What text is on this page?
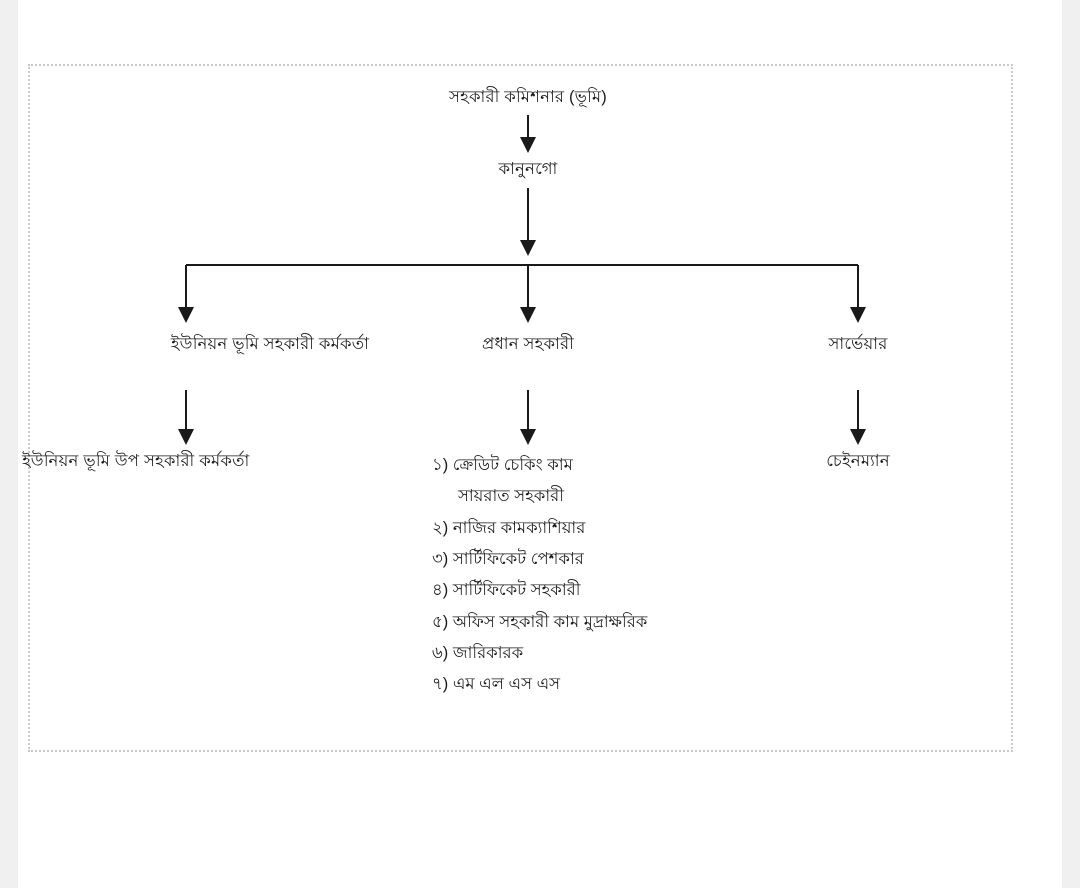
সহকারী কমিশনার (ভূমি)
কানুনগো
ইউনিয়ন ভূমি সহকারী কর্মকর্তা	প্রধান সহকারী	সার্ভেয়ার
ইউনিয়ন ভূমি উপ সহকারী কর্মকর্তা	চেইনম্যান
১) ক্রেডিট চেকিং কাম
সায়রাত সহকারী
২) নাজির কামক্যাশিয়ার
৩) সার্টিফিকেট পেশকার
৪) সার্টিফিকেট সহকারী
৫) অফিস সহকারী কাম মুদ্রাক্ষরিক
৬) জারিকারক
৭) এম এল এস এস
